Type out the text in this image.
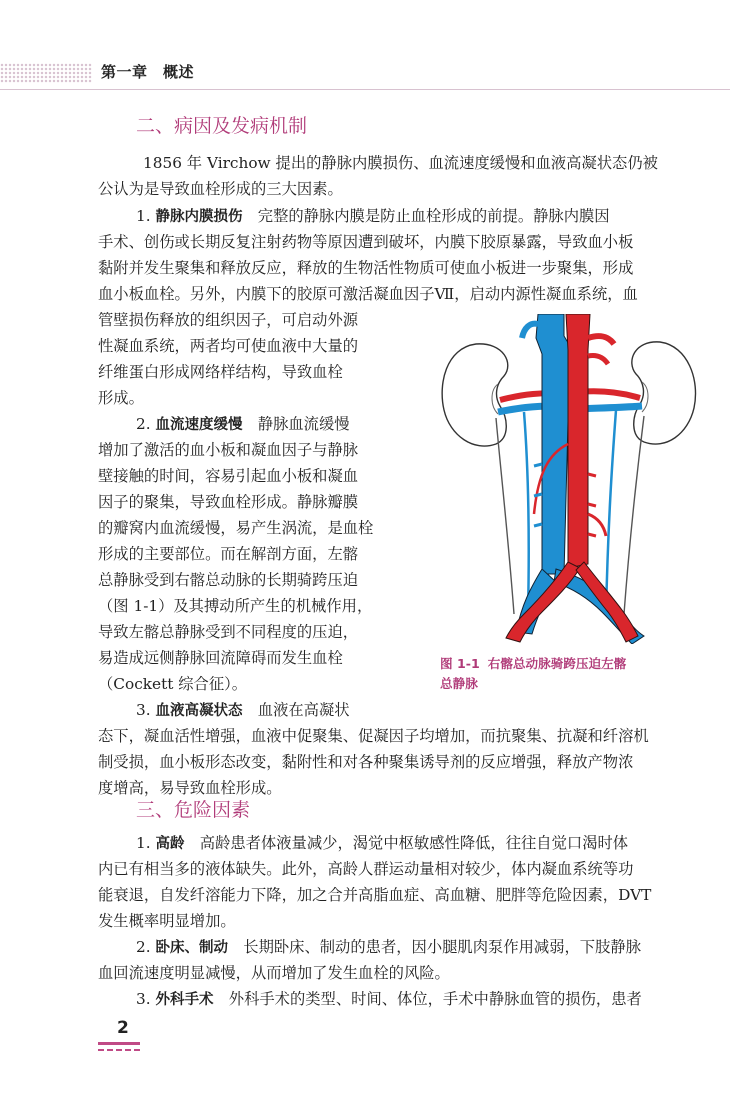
第一章　概述
二、病因及发病机制

1856 年 Virchow 提出的静脉内膜损伤、血流速度缓慢和血液高凝状态仍被

公认为是导致血栓形成的三大因素。

1. 静脉内膜损伤　完整的静脉内膜是防止血栓形成的前提。静脉内膜因

手术、创伤或长期反复注射药物等原因遭到破坏，内膜下胶原暴露，导致血小板

黏附并发生聚集和释放反应，释放的生物活性物质可使血小板进一步聚集，形成

血小板血栓。另外，内膜下的胶原可激活凝血因子Ⅶ，启动内源性凝血系统，血

管壁损伤释放的组织因子，可启动外源

性凝血系统，两者均可使血液中大量的

纤维蛋白形成网络样结构，导致血栓

形成。

2. 血流速度缓慢　静脉血流缓慢

增加了激活的血小板和凝血因子与静脉

壁接触的时间，容易引起血小板和凝血

因子的聚集，导致血栓形成。静脉瓣膜

的瓣窝内血流缓慢，易产生涡流，是血栓

形成的主要部位。而在解剖方面，左髂

总静脉受到右髂总动脉的长期骑跨压迫

（图 1-1）及其搏动所产生的机械作用，

导致左髂总静脉受到不同程度的压迫，

易造成远侧静脉回流障碍而发生血栓

（Cockett 综合征）。

3. 血液高凝状态　血液在高凝状

态下，凝血活性增强，血液中促聚集、促凝因子均增加，而抗聚集、抗凝和纤溶机

制受损，血小板形态改变，黏附性和对各种聚集诱导剂的反应增强，释放产物浓

度增高，易导致血栓形成。

图 1-1 右髂总动脉骑跨压迫左髂
总静脉
三、危险因素

1. 高龄　高龄患者体液量减少，渴觉中枢敏感性降低，往往自觉口渴时体

内已有相当多的液体缺失。此外，高龄人群运动量相对较少，体内凝血系统等功

能衰退，自发纤溶能力下降，加之合并高脂血症、高血糖、肥胖等危险因素，DVT

发生概率明显增加。

2. 卧床、制动　长期卧床、制动的患者，因小腿肌肉泵作用减弱，下肢静脉

血回流速度明显减慢，从而增加了发生血栓的风险。

3. 外科手术　外科手术的类型、时间、体位，手术中静脉血管的损伤，患者

2
